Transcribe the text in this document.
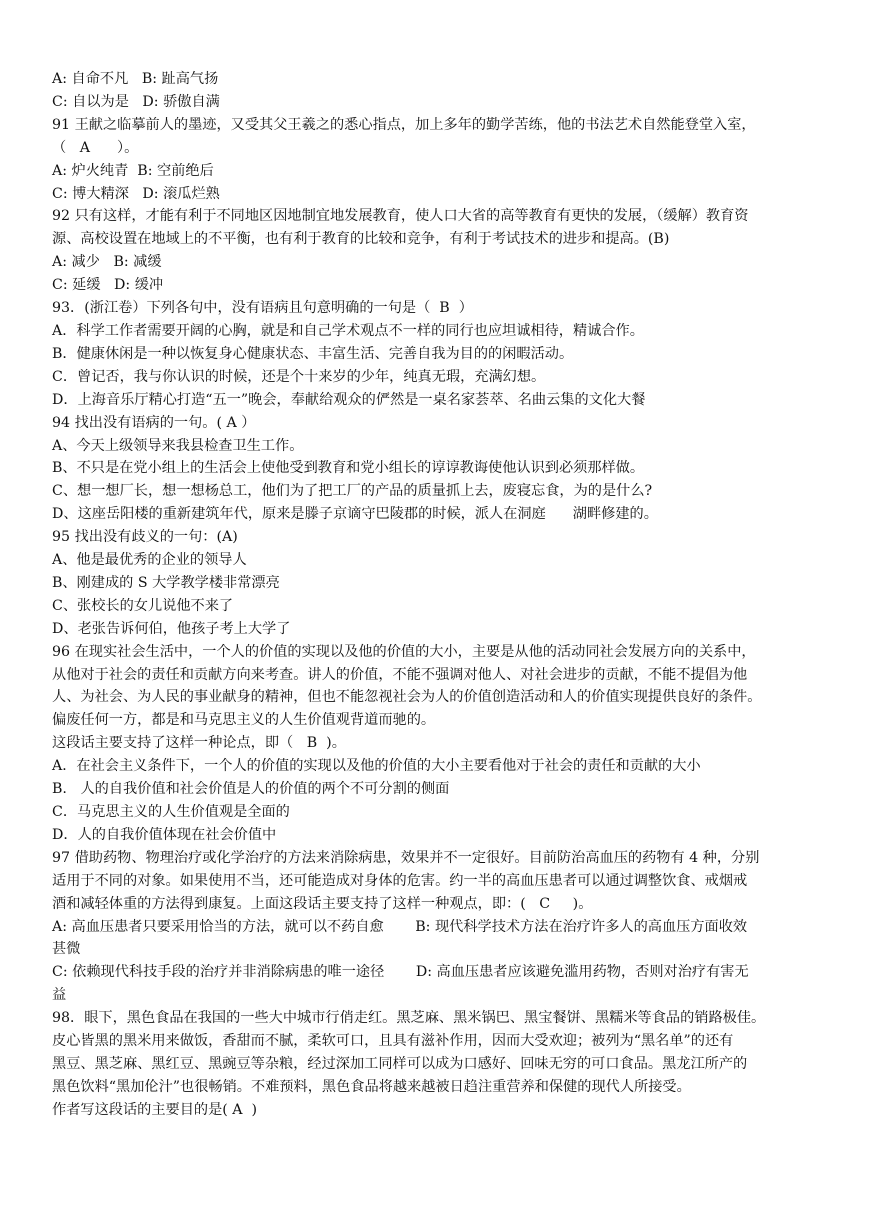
A: 自命不凡   B: 趾高气扬
C: 自以为是   D: 骄傲自满
91 王献之临摹前人的墨迹，又受其父王羲之的悉心指点，加上多年的勤学苦练，他的书法艺术自然能登堂入室，
（   A      ）。
A: 炉火纯青  B: 空前绝后
C: 博大精深   D: 滚瓜烂熟
92 只有这样，才能有利于不同地区因地制宜地发展教育，使人口大省的高等教育有更快的发展，（缓解）教育资
源、高校设置在地域上的不平衡，也有利于教育的比较和竞争，有利于考试技术的进步和提高。(B)
A: 减少   B: 减缓
C: 延缓   D: 缓冲
93．(浙江卷）下列各句中，没有语病且句意明确的一句是（  B  ）
A．科学工作者需要开阔的心胸，就是和自己学术观点不一样的同行也应坦诚相待，精诚合作。
B．健康休闲是一种以恢复身心健康状态、丰富生活、完善自我为目的的闲暇活动。
C．曾记否，我与你认识的时候，还是个十来岁的少年，纯真无瑕，充满幻想。
D．上海音乐厅精心打造“五一”晚会，奉献给观众的俨然是一桌名家荟萃、名曲云集的文化大餐
94 找出没有语病的一句。( A ）
A、今天上级领导来我县检查卫生工作。
B、不只是在党小组上的生活会上使他受到教育和党小组长的谆谆教诲使他认识到必须那样做。
C、想一想厂长，想一想杨总工，他们为了把工厂的产品的质量抓上去，废寝忘食，为的是什么?
D、这座岳阳楼的重新建筑年代，原来是滕子京谪守巴陵郡的时候，派人在洞庭      湖畔修建的。
95 找出没有歧义的一句：(A)
A、他是最优秀的企业的领导人
B、刚建成的 S 大学教学楼非常漂亮
C、张校长的女儿说他不来了
D、老张告诉何伯，他孩子考上大学了
96 在现实社会生活中，一个人的价值的实现以及他的价值的大小，主要是从他的活动同社会发展方向的关系中，
从他对于社会的责任和贡献方向来考查。讲人的价值，不能不强调对他人、对社会进步的贡献，不能不提倡为他
人、为社会、为人民的事业献身的精神，但也不能忽视社会为人的价值创造活动和人的价值实现提供良好的条件。
偏废任何一方，都是和马克思主义的人生价值观背道而驰的。
这段话主要支持了这样一种论点，即（   B  )。
A．在社会主义条件下，一个人的价值的实现以及他的价值的大小主要看他对于社会的责任和贡献的大小
B.   人的自我价值和社会价值是人的价值的两个不可分割的侧面
C．马克思主义的人生价值观是全面的
D．人的自我价值体现在社会价值中
97 借助药物、物理治疗或化学治疗的方法来消除病患，效果并不一定很好。目前防治高血压的药物有 4 种，分别
适用于不同的对象。如果使用不当，还可能造成对身体的危害。约一半的高血压患者可以通过调整饮食、戒烟戒
酒和减轻体重的方法得到康复。上面这段话主要支持了这样一种观点，即：(   C     )。
A: 高血压患者只要采用恰当的方法，就可以不药自愈       B: 现代科学技术方法在治疗许多人的高血压方面收效
甚微
C: 依赖现代科技手段的治疗并非消除病患的唯一途径       D: 高血压患者应该避免滥用药物，否则对治疗有害无
益
98．眼下，黑色食品在我国的一些大中城市行俏走红。黑芝麻、黑米锅巴、黑宝餐饼、黑糯米等食品的销路极佳。
皮心皆黑的黑米用来做饭，香甜而不腻，柔软可口，且具有滋补作用，因而大受欢迎；被列为“黑名单”的还有
黑豆、黑芝麻、黑红豆、黑豌豆等杂粮，经过深加工同样可以成为口感好、回味无穷的可口食品。黑龙江所产的
黑色饮料“黑加伦汁”也很畅销。不难预料，黑色食品将越来越被日趋注重营养和保健的现代人所接受。
作者写这段话的主要目的是( A  )
